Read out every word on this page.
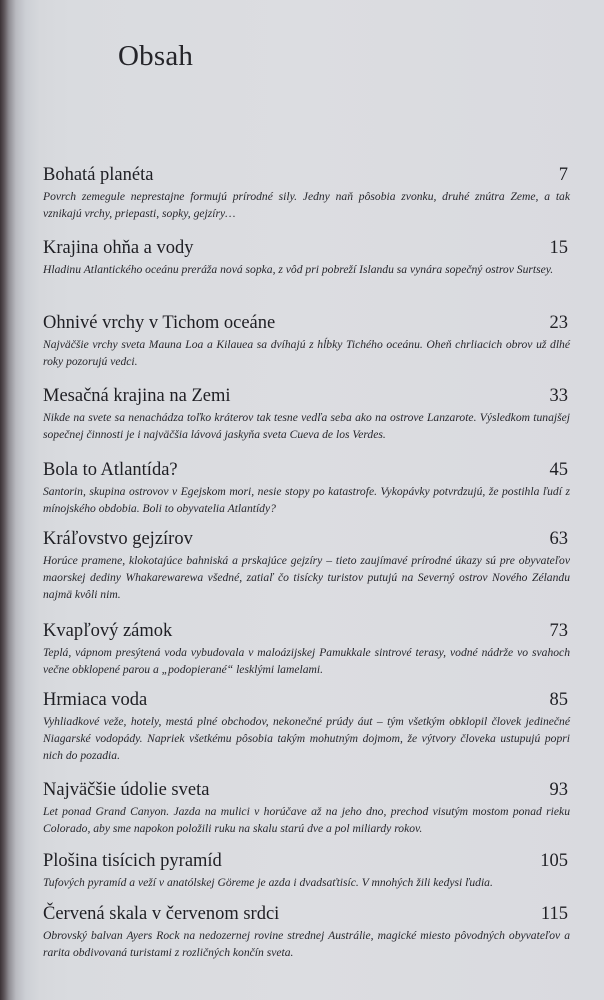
Obsah
Bohatá planéta	7
Povrch zemegule neprestajne formujú prírodné sily. Jedny naň pôsobia zvonku, druhé znútra Zeme, a tak vznikajú vrchy, priepasti, sopky, gejzíry…
Krajina ohňa a vody	15
Hladinu Atlantického oceánu preráža nová sopka, z vôd pri pobreží Islandu sa vynára sopečný ostrov Surtsey.
Ohnivé vrchy v Tichom oceáne	23
Najväčšie vrchy sveta Mauna Loa a Kilauea sa dvíhajú z hĺbky Tichého oceánu. Oheň chrliacich obrov už dlhé roky pozorujú vedci.
Mesačná krajina na Zemi	33
Nikde na svete sa nenachádza toľko kráterov tak tesne vedľa seba ako na ostrove Lanzarote. Výsledkom tunajšej sopečnej činnosti je i najväčšia lávová jaskyňa sveta Cueva de los Verdes.
Bola to Atlantída?	45
Santorin, skupina ostrovov v Egejskom mori, nesie stopy po katastrofe. Vykopávky potvrdzujú, že postihla ľudí z mínojského obdobia. Boli to obyvatelia Atlantídy?
Kráľovstvo gejzírov	63
Horúce pramene, klokotajúce bahniská a prskajúce gejzíry – tieto zaujímavé prírodné úkazy sú pre obyvateľov maorskej dediny Whakarewarewa všedné, zatiaľ čo tisícky turistov putujú na Severný ostrov Nového Zélandu najmä kvôli nim.
Kvapľový zámok	73
Teplá, vápnom presýtená voda vybudovala v maloázijskej Pamukkale sintrové terasy, vodné nádrže vo svahoch večne obklopené parou a „podopierané“ lesklými lamelami.
Hrmiaca voda	85
Vyhliadkové veže, hotely, mestá plné obchodov, nekonečné prúdy áut – tým všetkým obklopil človek jedinečné Niagarské vodopády. Napriek všetkému pôsobia takým mohutným dojmom, že výtvory človeka ustupujú popri nich do pozadia.
Najväčšie údolie sveta	93
Let ponad Grand Canyon. Jazda na mulici v horúčave až na jeho dno, prechod visutým mostom ponad rieku Colorado, aby sme napokon položili ruku na skalu starú dve a pol miliardy rokov.
Plošina tisícich pyramíd	105
Tufových pyramíd a veží v anatólskej Göreme je azda i dvadsaťtisíc. V mnohých žili kedysi ľudia.
Červená skala v červenom srdci	115
Obrovský balvan Ayers Rock na nedozernej rovine strednej Austrálie, magické miesto pôvodných obyvateľov a rarita obdivovaná turistami z rozličných končín sveta.
